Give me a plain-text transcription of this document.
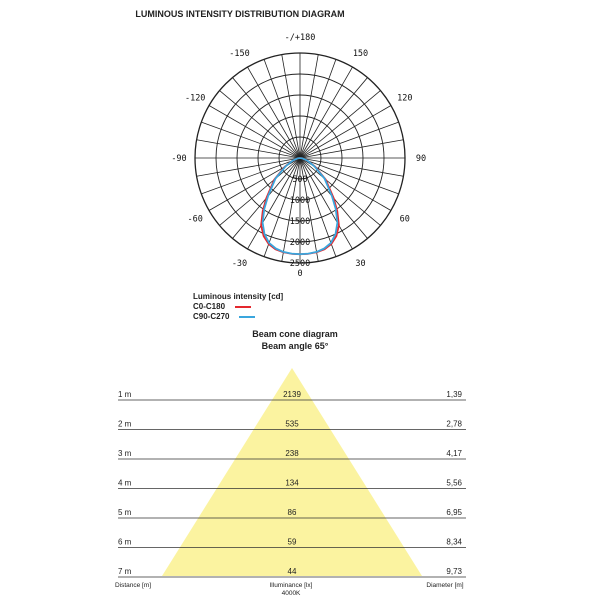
LUMINOUS INTENSITY DISTRIBUTION DIAGRAM
500
1000
1500
2000
2500
-/+180
150
-150
120
-120
90
-90
60
-60
30
-30
0
Luminous intensity [cd]
C0-C180
C90-C270
Beam cone diagram
Beam angle 65°
1 m	2139	1,39
2 m	535	2,78
3 m	238	4,17
4 m	134	5,56
5 m	86	6,95
6 m	59	8,34
7 m	44	9,73
Distance [m]	Illuminance [lx]
4000K
Diameter [m]
